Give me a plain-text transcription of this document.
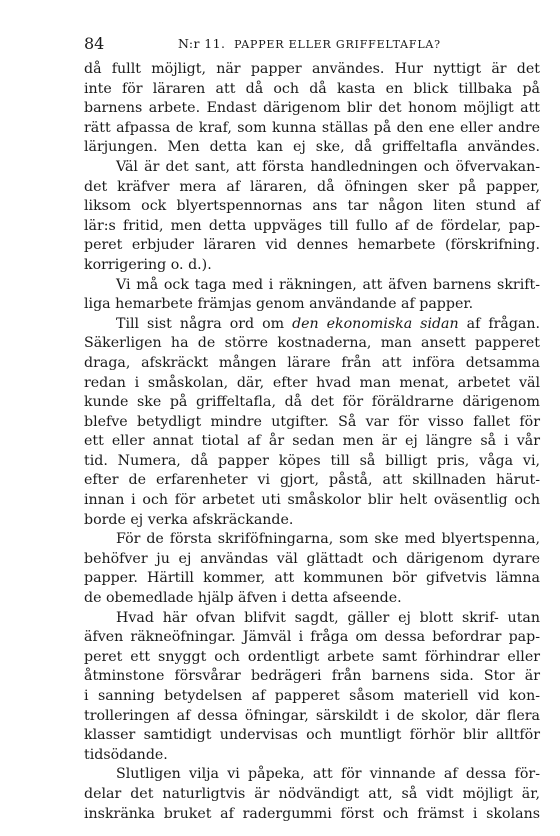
84	N:r 11. PAPPER ELLER GRIFFELTAFLA?
då fullt möjligt, när papper användes. Hur nyttigt är det
inte för läraren att då och då kasta en blick tillbaka på
barnens arbete. Endast därigenom blir det honom möjligt att
rätt afpassa de kraf, som kunna ställas på den ene eller andre
lärjungen. Men detta kan ej ske, då griffeltafla användes.
Väl är det sant, att första handledningen och öfvervakan-
det kräfver mera af läraren, då öfningen sker på papper,
liksom ock blyertspennornas ans tar någon liten stund af
lär:s fritid, men detta uppväges till fullo af de fördelar, pap-
peret erbjuder läraren vid dennes hemarbete (förskrifning.
korrigering o. d.).
Vi må ock taga med i räkningen, att äfven barnens skrift-
liga hemarbete främjas genom användande af papper.
Till sist några ord om den ekonomiska sidan af frågan.
Säkerligen ha de större kostnaderna, man ansett papperet
draga, afskräckt mången lärare från att införa detsamma
redan i småskolan, där, efter hvad man menat, arbetet väl
kunde ske på griffeltafla, då det för föräldrarne därigenom
blefve betydligt mindre utgifter. Så var för visso fallet för
ett eller annat tiotal af år sedan men är ej längre så i vår
tid. Numera, då papper köpes till så billigt pris, våga vi,
efter de erfarenheter vi gjort, påstå, att skillnaden härut-
innan i och för arbetet uti småskolor blir helt oväsentlig och
borde ej verka afskräckande.
För de första skriföfningarna, som ske med blyertspenna,
behöfver ju ej användas väl glättadt och därigenom dyrare
papper. Härtill kommer, att kommunen bör gifvetvis lämna
de obemedlade hjälp äfven i detta afseende.
Hvad här ofvan blifvit sagdt, gäller ej blott skrif- utan
äfven räkneöfningar. Jämväl i fråga om dessa befordrar pap-
peret ett snyggt och ordentligt arbete samt förhindrar eller
åtminstone försvårar bedrägeri från barnens sida. Stor är
i sanning betydelsen af papperet såsom materiell vid kon-
trolleringen af dessa öfningar, särskildt i de skolor, där flera
klasser samtidigt undervisas och muntligt förhör blir alltför
tidsödande.
Slutligen vilja vi påpeka, att för vinnande af dessa för-
delar det naturligtvis är nödvändigt att, så vidt möjligt är,
inskränka bruket af radergummi först och främst i skolans
